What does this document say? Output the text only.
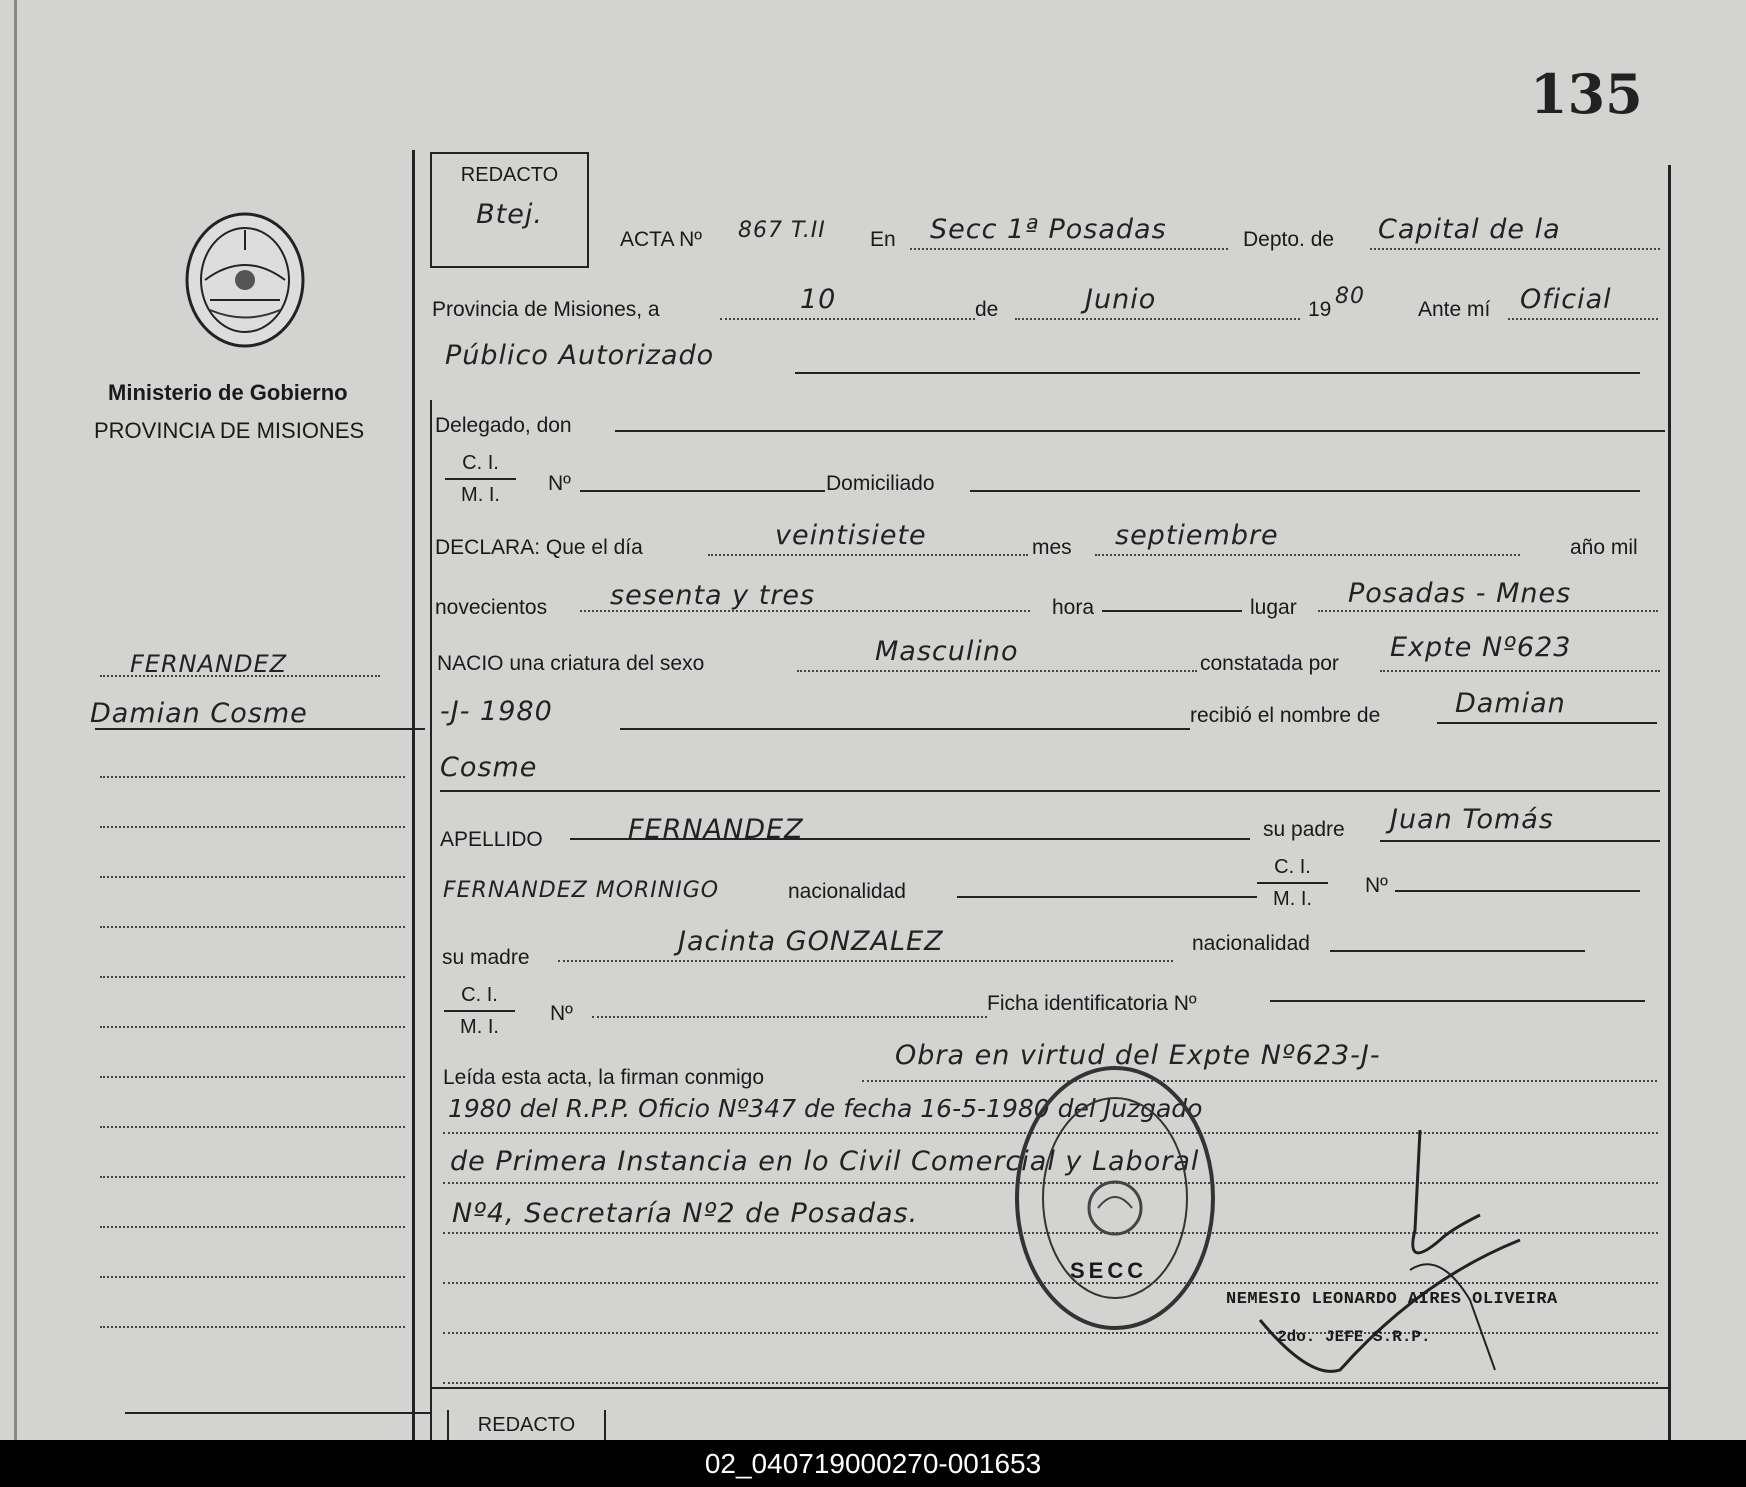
135
Ministerio de Gobierno
PROVINCIA DE MISIONES
FERNANDEZ
Damian Cosme
REDACTO
Btej.
ACTA Nº 867 T.II En Secc 1ª Posadas	Depto. de Capital de la
Provincia de Misiones, a	10	de	Junio	19
80
Ante mí Oficial
Público Autorizado
Delegado, don
C. I.
M. I.	Nº	Domiciliado
DECLARA: Que el día	veintisiete	mes septiembre	año mil
novecientos sesenta y tres	hora	lugar Posadas - Mnes
NACIO una criatura del sexo	Masculino	constatada por
Expte Nº623
-J- 1980	recibió el nombre de	Damian
Cosme
APELLIDO	FERNANDEZ	su padre Juan Tomás
FERNANDEZ MORINIGO	nacionalidad
C. I.
M. I.
Nº
su madre
Jacinta GONZALEZ	nacionalidad
C. I.
M. I.
Nº	Ficha identificatoria Nº
Leída esta acta, la firman conmigo
Obra en virtud del Expte Nº623-J-
1980 del R.P.P. Oficio Nº347 de fecha 16-5-1980 del Juzgado
de Primera Instancia en lo Civil Comercial y Laboral
Nº4, Secretaría Nº2 de Posadas.
SECC
NEMESIO LEONARDO AIRES OLIVEIRA
2do. JEFE S.R.P.
REDACTO
02_040719000270-001653
